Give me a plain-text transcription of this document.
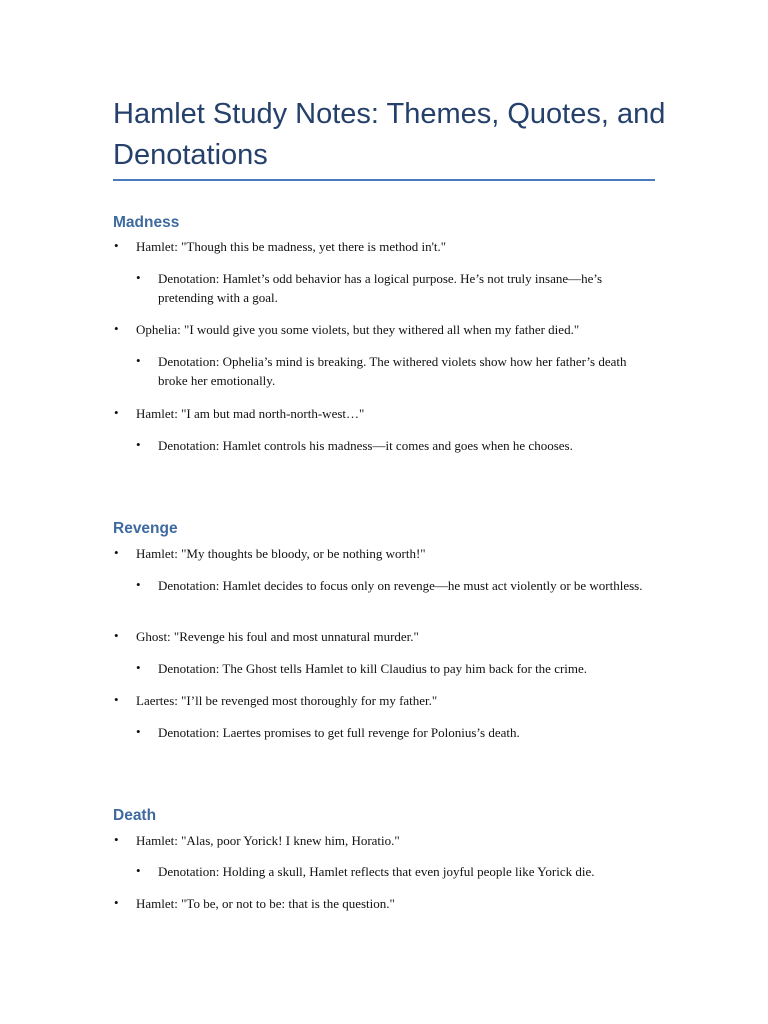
Hamlet Study Notes: Themes, Quotes, and Denotations
Madness
• Hamlet: "Though this be madness, yet there is method in't."
• Denotation: Hamlet’s odd behavior has a logical purpose. He’s not truly insane—he’s pretending with a goal.
• Ophelia: "I would give you some violets, but they withered all when my father died."
• Denotation: Ophelia’s mind is breaking. The withered violets show how her father’s death broke her emotionally.
• Hamlet: "I am but mad north-north-west…"
• Denotation: Hamlet controls his madness—it comes and goes when he chooses.
Revenge
• Hamlet: "My thoughts be bloody, or be nothing worth!"
• Denotation: Hamlet decides to focus only on revenge—he must act violently or be worthless.
• Ghost: "Revenge his foul and most unnatural murder."
• Denotation: The Ghost tells Hamlet to kill Claudius to pay him back for the crime.
• Laertes: "I’ll be revenged most thoroughly for my father."
• Denotation: Laertes promises to get full revenge for Polonius’s death.
Death
• Hamlet: "Alas, poor Yorick! I knew him, Horatio."
• Denotation: Holding a skull, Hamlet reflects that even joyful people like Yorick die.
• Hamlet: "To be, or not to be: that is the question."
